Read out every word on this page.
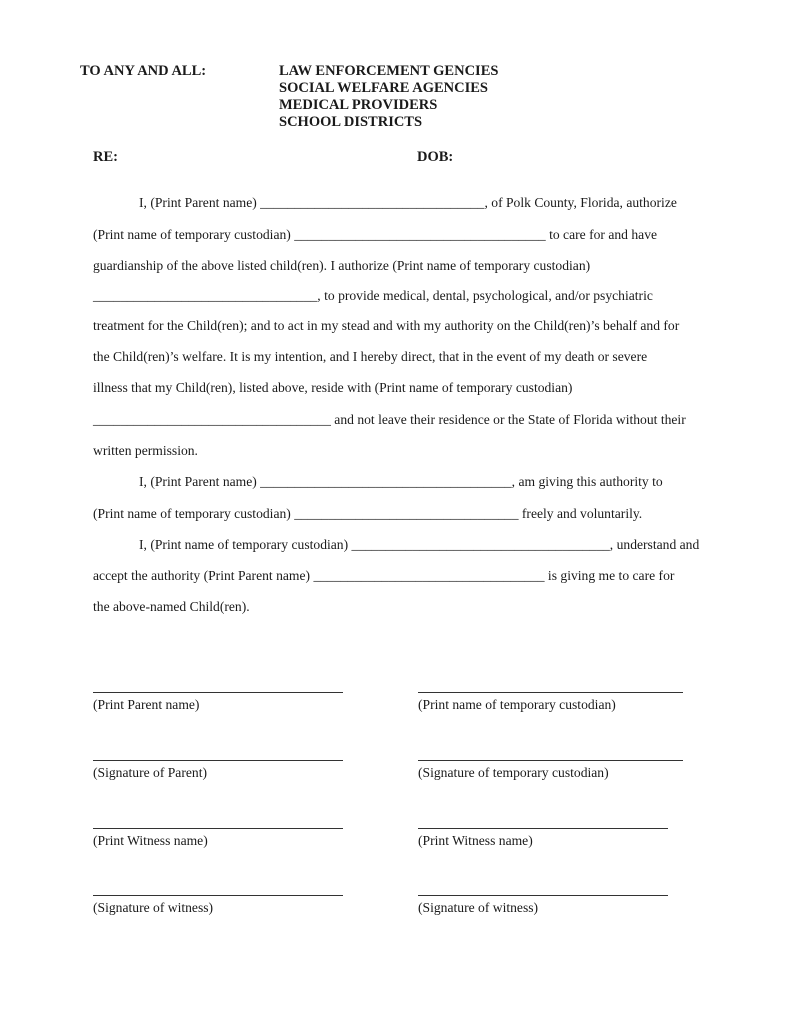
TO ANY AND ALL:	LAW ENFORCEMENT GENCIES
SOCIAL WELFARE AGENCIES
MEDICAL PROVIDERS
SCHOOL DISTRICTS
RE:	DOB:
I, (Print Parent name) _________________________________, of Polk County, Florida, authorize
(Print name of temporary custodian) _____________________________________ to care for and have
guardianship of the above listed child(ren). I authorize (Print name of temporary custodian)
_________________________________, to provide medical, dental, psychological, and/or psychiatric
treatment for the Child(ren); and to act in my stead and with my authority on the Child(ren)’s behalf and for
the Child(ren)’s welfare. It is my intention, and I hereby direct, that in the event of my death or severe
illness that my Child(ren), listed above, reside with (Print name of temporary custodian)
___________________________________ and not leave their residence or the State of Florida without their
written permission.
I, (Print Parent name) _____________________________________, am giving this authority to
(Print name of temporary custodian) _________________________________ freely and voluntarily.
I, (Print name of temporary custodian) ______________________________________, understand and
accept the authority (Print Parent name) __________________________________ is giving me to care for
the above-named Child(ren).
(Print Parent name)
(Signature of Parent)
(Print Witness name)
(Signature of witness)
(Print name of temporary custodian)
(Signature of temporary custodian)
(Print Witness name)
(Signature of witness)
